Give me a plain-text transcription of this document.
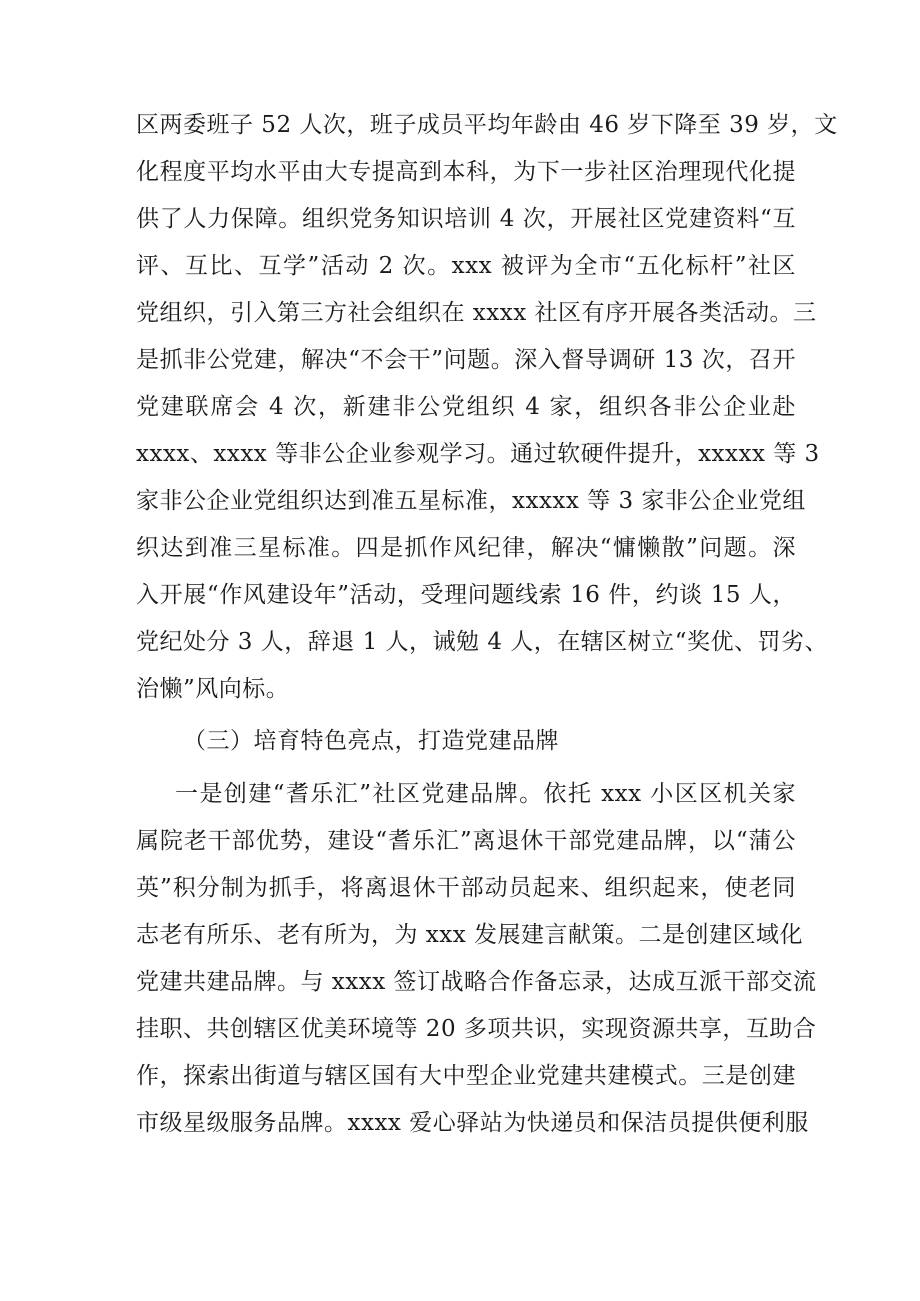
区两委班子 52 人次，班子成员平均年龄由 46 岁下降至 39 岁，文
化程度平均水平由大专提高到本科，为下一步社区治理现代化提
供了人力保障。组织党务知识培训 4 次，开展社区党建资料“互
评、互比、互学”活动 2 次。xxx 被评为全市“五化标杆”社区
党组织，引入第三方社会组织在 xxxx 社区有序开展各类活动。三
是抓非公党建，解决“不会干”问题。深入督导调研 13 次，召开
党建联席会 4 次，新建非公党组织 4 家，组织各非公企业赴
xxxx、xxxx 等非公企业参观学习。通过软硬件提升，xxxxx 等 3
家非公企业党组织达到准五星标准，xxxxx 等 3 家非公企业党组
织达到准三星标准。四是抓作风纪律，解决“慵懒散”问题。深
入开展“作风建设年”活动，受理问题线索 16 件，约谈 15 人，
党纪处分 3 人，辞退 1 人，诫勉 4 人，在辖区树立“奖优、罚劣、
治懒”风向标。
（三）培育特色亮点，打造党建品牌
一是创建“耆乐汇”社区党建品牌。依托 xxx 小区区机关家
属院老干部优势，建设“耆乐汇”离退休干部党建品牌，以“蒲公
英”积分制为抓手，将离退休干部动员起来、组织起来，使老同
志老有所乐、老有所为，为 xxx 发展建言献策。二是创建区域化
党建共建品牌。与 xxxx 签订战略合作备忘录，达成互派干部交流
挂职、共创辖区优美环境等 20 多项共识，实现资源共享，互助合
作，探索出街道与辖区国有大中型企业党建共建模式。三是创建
市级星级服务品牌。xxxx 爱心驿站为快递员和保洁员提供便利服
